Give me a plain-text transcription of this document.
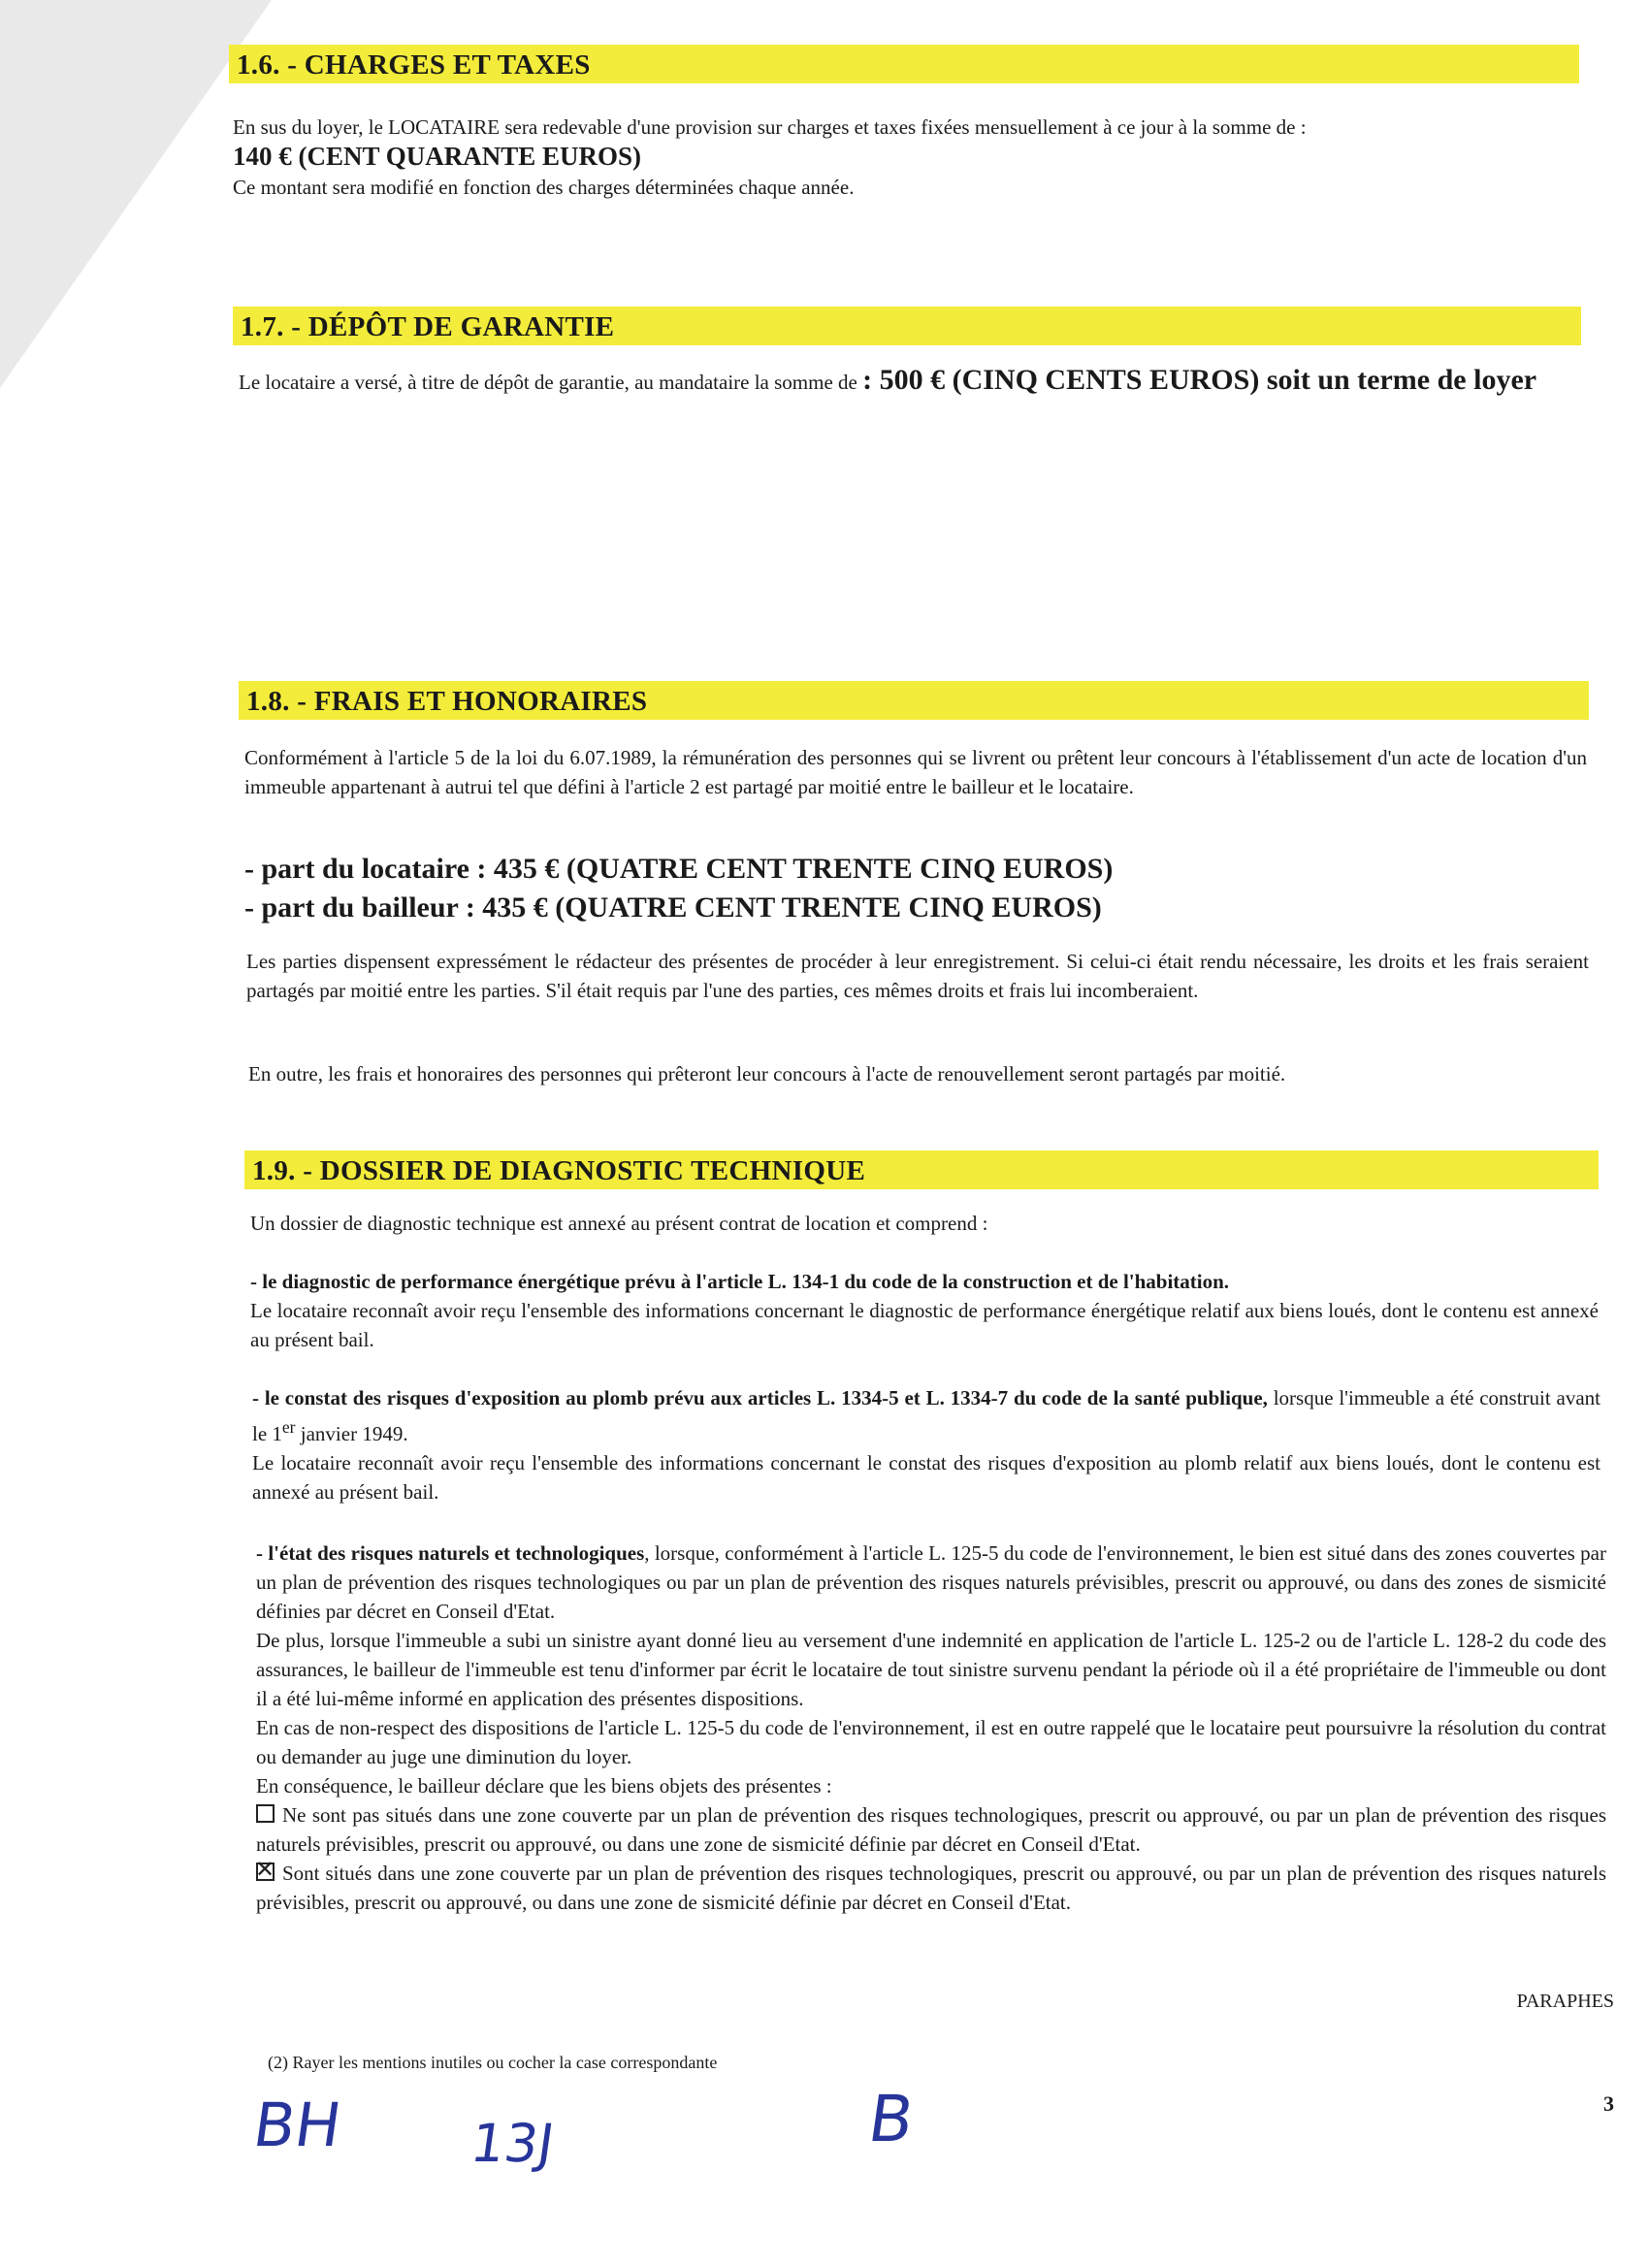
1.6. - CHARGES ET TAXES

En sus du loyer, le LOCATAIRE sera redevable d'une provision sur charges et taxes fixées mensuellement à ce jour à la somme de :
140 € (CENT QUARANTE EUROS)
Ce montant sera modifié en fonction des charges déterminées chaque année.

1.7. - DÉPÔT DE GARANTIE

Le locataire a versé, à titre de dépôt de garantie, au mandataire la somme de : 500 € (CINQ CENTS EUROS) soit un terme de loyer

1.8. - FRAIS ET HONORAIRES

Conformément à l'article 5 de la loi du 6.07.1989, la rémunération des personnes qui se livrent ou prêtent leur concours à l'établissement d'un acte de location d'un immeuble appartenant à autrui tel que défini à l'article 2 est partagé par moitié entre le bailleur et le locataire.

- part du locataire : 435 € (QUATRE CENT TRENTE CINQ EUROS)
- part du bailleur : 435 € (QUATRE CENT TRENTE CINQ EUROS)

Les parties dispensent expressément le rédacteur des présentes de procéder à leur enregistrement. Si celui-ci était rendu nécessaire, les droits et les frais seraient partagés par moitié entre les parties. S'il était requis par l'une des parties, ces mêmes droits et frais lui incomberaient.

En outre, les frais et honoraires des personnes qui prêteront leur concours à l'acte de renouvellement seront partagés par moitié.

1.9. - DOSSIER DE DIAGNOSTIC TECHNIQUE

Un dossier de diagnostic technique est annexé au présent contrat de location et comprend :

- le diagnostic de performance énergétique prévu à l'article L. 134-1 du code de la construction et de l'habitation.
Le locataire reconnaît avoir reçu l'ensemble des informations concernant le diagnostic de performance énergétique relatif aux biens loués, dont le contenu est annexé au présent bail.

- le constat des risques d'exposition au plomb prévu aux articles L. 1334-5 et L. 1334-7 du code de la santé publique, lorsque l'immeuble a été construit avant le 1er janvier 1949.
Le locataire reconnaît avoir reçu l'ensemble des informations concernant le constat des risques d'exposition au plomb relatif aux biens loués, dont le contenu est annexé au présent bail.

- l'état des risques naturels et technologiques, lorsque, conformément à l'article L. 125-5 du code de l'environnement, le bien est situé dans des zones couvertes par un plan de prévention des risques technologiques ou par un plan de prévention des risques naturels prévisibles, prescrit ou approuvé, ou dans des zones de sismicité définies par décret en Conseil d'Etat.
De plus, lorsque l'immeuble a subi un sinistre ayant donné lieu au versement d'une indemnité en application de l'article L. 125-2 ou de l'article L. 128-2 du code des assurances, le bailleur de l'immeuble est tenu d'informer par écrit le locataire de tout sinistre survenu pendant la période où il a été propriétaire de l'immeuble ou dont il a été lui-même informé en application des présentes dispositions.
En cas de non-respect des dispositions de l'article L. 125-5 du code de l'environnement, il est en outre rappelé que le locataire peut poursuivre la résolution du contrat ou demander au juge une diminution du loyer.
En conséquence, le bailleur déclare que les biens objets des présentes :
Ne sont pas situés dans une zone couverte par un plan de prévention des risques technologiques, prescrit ou approuvé, ou par un plan de prévention des risques naturels prévisibles, prescrit ou approuvé, ou dans une zone de sismicité définie par décret en Conseil d'Etat.
✕Sont situés dans une zone couverte par un plan de prévention des risques technologiques, prescrit ou approuvé, ou par un plan de prévention des risques naturels prévisibles, prescrit ou approuvé, ou dans une zone de sismicité définie par décret en Conseil d'Etat.

PARAPHES
(2) Rayer les mentions inutiles ou cocher la case correspondante
3
BH 13J	B
